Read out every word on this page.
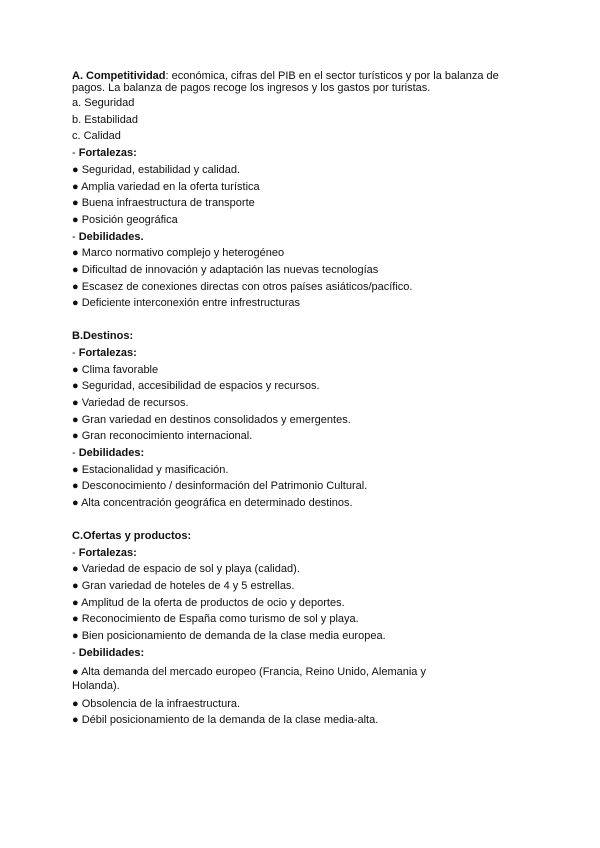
A. Competitividad: económica, cifras del PIB en el sector turísticos y por la balanza de pagos. La balanza de pagos recoge los ingresos y los gastos por turistas.
a. Seguridad
b. Estabilidad
c. Calidad
- Fortalezas:
● Seguridad, estabilidad y calidad.
● Amplia variedad en la oferta turística
● Buena infraestructura de transporte
● Posición geográfica
- Debilidades.
● Marco normativo complejo y heterogéneo
● Dificultad de innovación y adaptación las nuevas tecnologías
● Escasez de conexiones directas con otros países asiáticos/pacífico.
● Deficiente interconexión entre infrestructuras
B.Destinos:
- Fortalezas:
● Clima favorable
● Seguridad, accesibilidad de espacios y recursos.
● Variedad de recursos.
● Gran variedad en destinos consolidados y emergentes.
● Gran reconocimiento internacional.
- Debilidades:
● Estacionalidad y masificación.
● Desconocimiento / desinformación del Patrimonio Cultural.
● Alta concentración geográfica en determinado destinos.
C.Ofertas y productos:
- Fortalezas:
● Variedad de espacio de sol y playa (calidad).
● Gran variedad de hoteles de 4 y 5 estrellas.
● Amplitud de la oferta de productos de ocio y deportes.
● Reconocimiento de España como turismo de sol y playa.
● Bien posicionamiento de demanda de la clase media europea.
- Debilidades:
● Alta demanda del mercado europeo (Francia, Reino Unido, Alemania y Holanda).
● Obsolencia de la infraestructura.
● Débil posicionamiento de la demanda de la clase media-alta.
